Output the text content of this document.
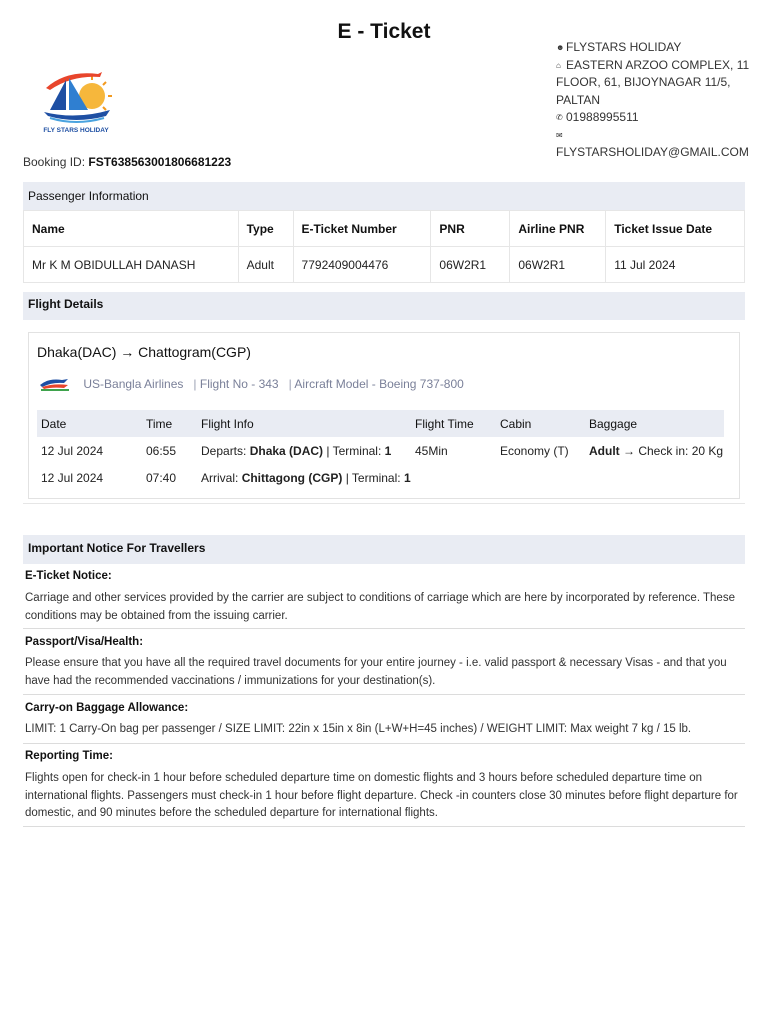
E - Ticket
FLY STARS HOLIDAY
☻ FLYSTARS HOLIDAY
⌂ EASTERN ARZOO COMPLEX, 11 FLOOR, 61, BIJOYNAGAR 11/5, PALTAN
✆ 01988995511
✉
FLYSTARSHOLIDAY@GMAIL.COM
Booking ID: FST638563001806681223
Passenger Information
Name	Type	E-Ticket Number	PNR	Airline PNR	Ticket Issue Date
Mr K M OBIDULLAH DANASH	Adult	7792409004476	06W2R1	06W2R1	11 Jul 2024
Flight Details
Dhaka(DAC) → Chattogram(CGP)
US-Bangla Airlines   | Flight No - 343   | Aircraft Model - Boeing 737-800
Date	Time	Flight Info	Flight Time	Cabin	Baggage
12 Jul 2024	06:55	Departs: Dhaka (DAC) | Terminal: 1	45Min	Economy (T)	Adult → Check in: 20 Kg
12 Jul 2024	07:40	Arrival: Chittagong (CGP) | Terminal: 1			
Important Notice For Travellers
E-Ticket Notice:
Carriage and other services provided by the carrier are subject to conditions of carriage which are here by incorporated by reference. These conditions may be obtained from the issuing carrier.
Passport/Visa/Health:
Please ensure that you have all the required travel documents for your entire journey - i.e. valid passport & necessary Visas - and that you have had the recommended vaccinations / immunizations for your destination(s).
Carry-on Baggage Allowance:
LIMIT: 1 Carry-On bag per passenger / SIZE LIMIT: 22in x 15in x 8in (L+W+H=45 inches) / WEIGHT LIMIT: Max weight 7 kg / 15 lb.
Reporting Time:
Flights open for check-in 1 hour before scheduled departure time on domestic flights and 3 hours before scheduled departure time on international flights. Passengers must check-in 1 hour before flight departure. Check -in counters close 30 minutes before flight departure for domestic, and 90 minutes before the scheduled departure for international flights.
